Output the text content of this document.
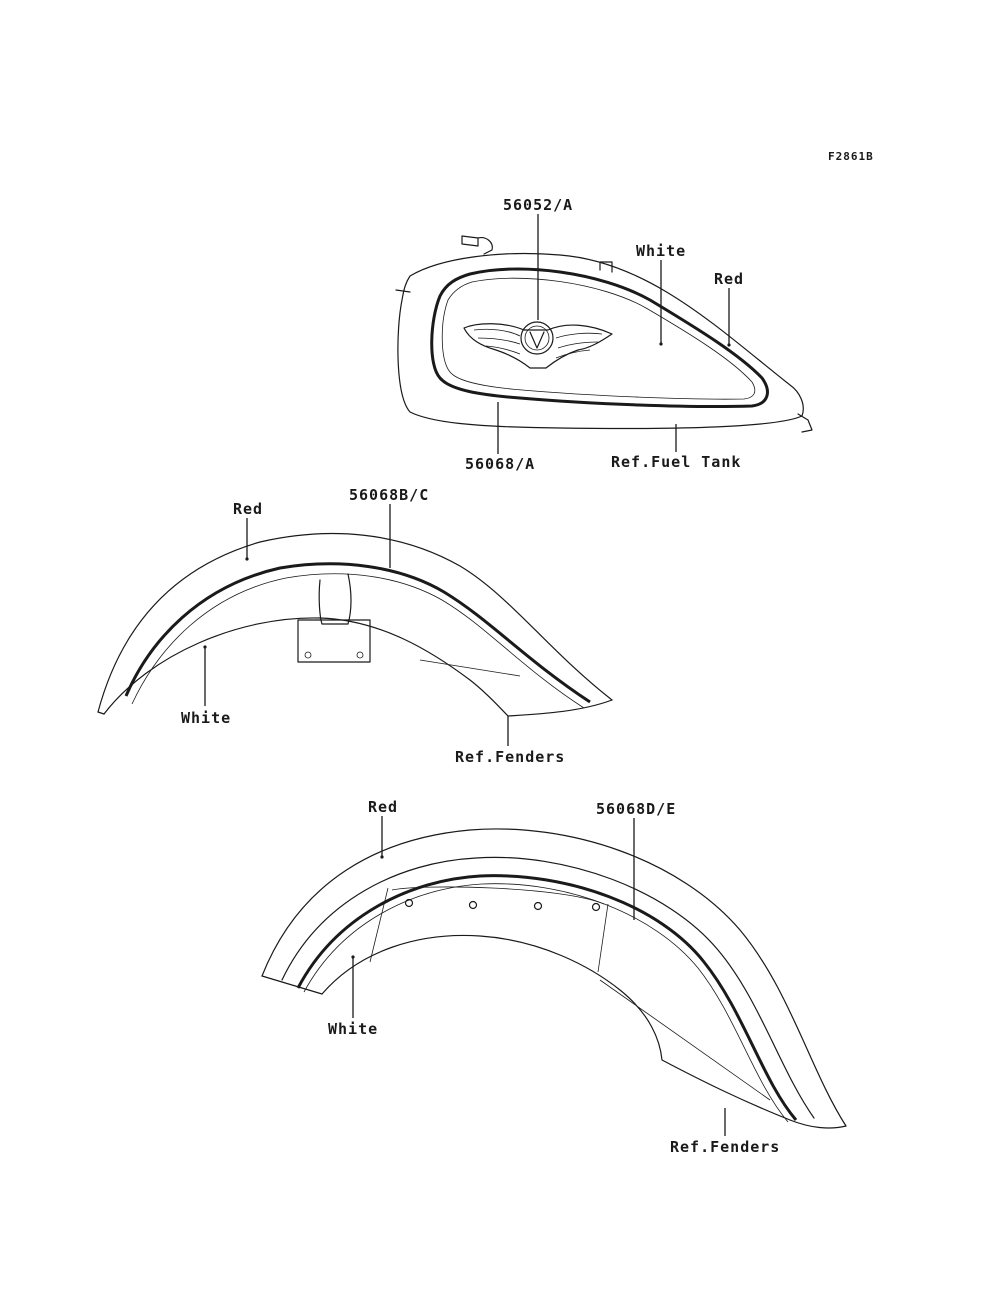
F2861B
56052/A
White
Red
56068/A	Ref.Fuel Tank
Red
56068B/C
White
Ref.Fenders
Red	56068D/E
White
Ref.Fenders
